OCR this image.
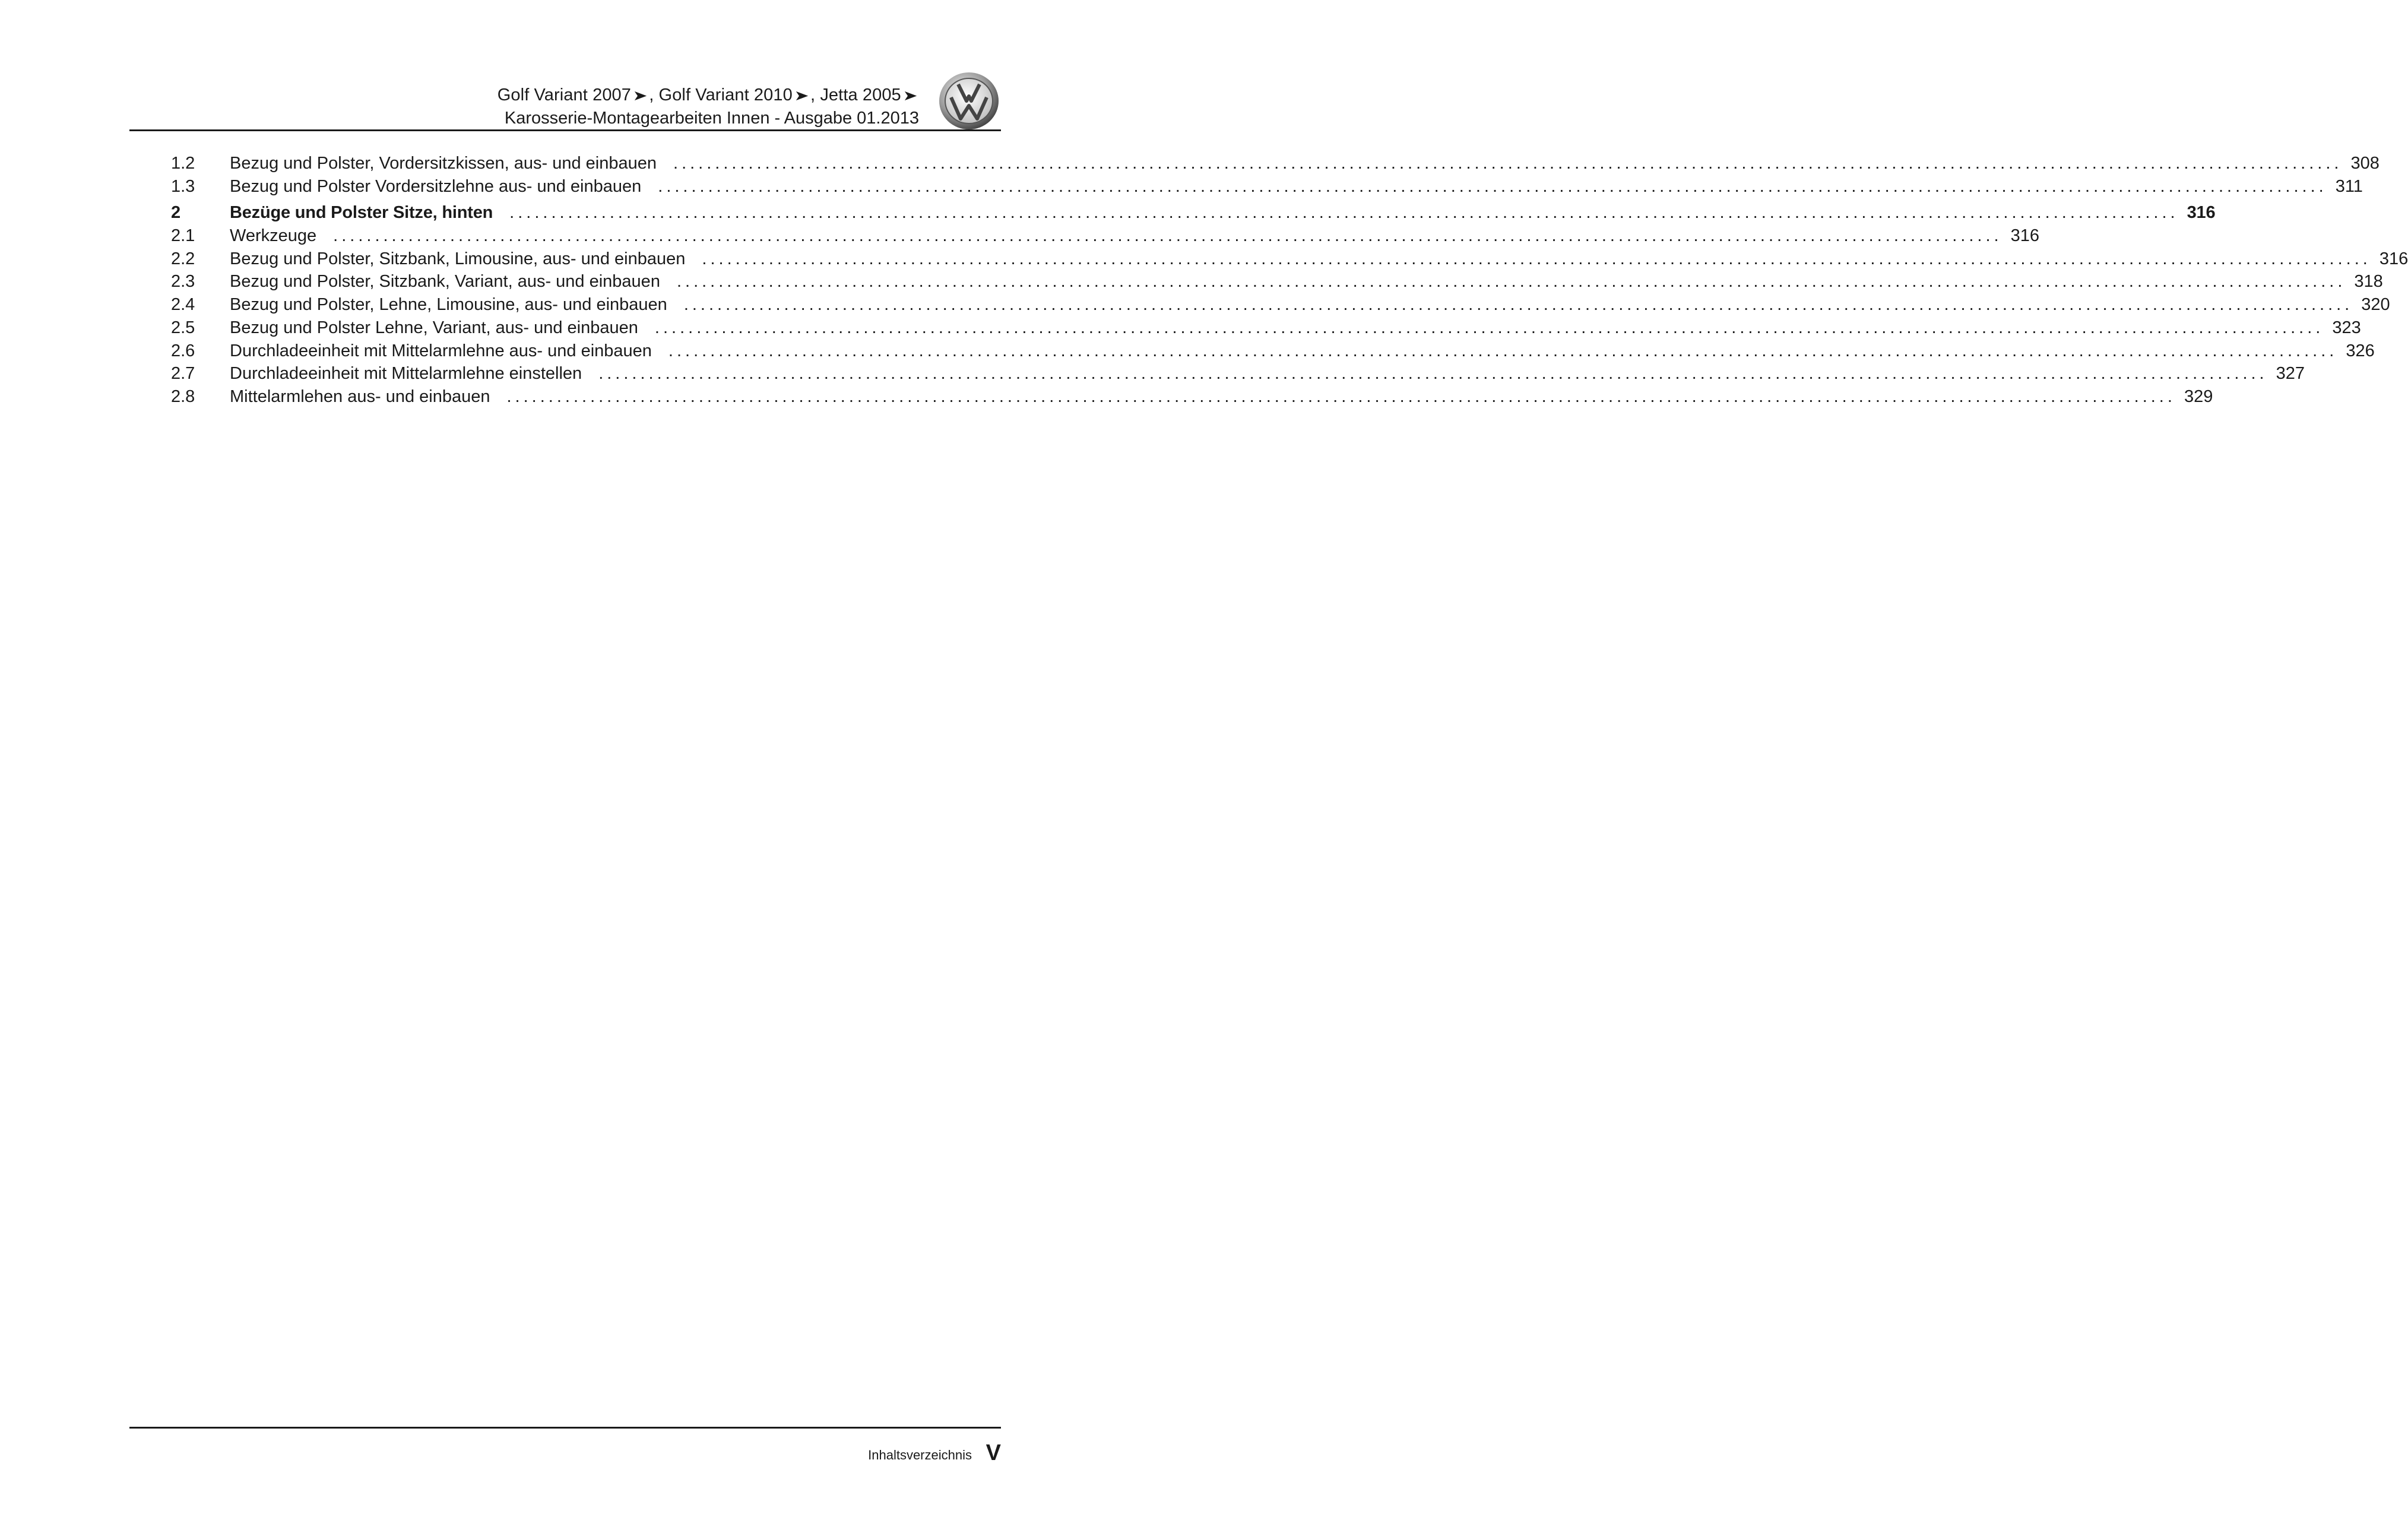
Golf Variant 2007 ➤, Golf Variant 2010 ➤, Jetta 2005 ➤
Karosserie-Montagearbeiten Innen - Ausgabe 01.2013
1.2	Bezug und Polster, Vordersitzkissen, aus- und einbauen ........................................................................................................................................................................................................ 308
1.3	Bezug und Polster Vordersitzlehne aus- und einbauen ........................................................................................................................................................................................................ 311
2	Bezüge und Polster Sitze, hinten ........................................................................................................................................................................................................ 316
2.1	Werkzeuge ........................................................................................................................................................................................................ 316
2.2	Bezug und Polster, Sitzbank, Limousine, aus- und einbauen ........................................................................................................................................................................................................ 316
2.3	Bezug und Polster, Sitzbank, Variant, aus- und einbauen ........................................................................................................................................................................................................ 318
2.4	Bezug und Polster, Lehne, Limousine, aus- und einbauen ........................................................................................................................................................................................................ 320
2.5	Bezug und Polster Lehne, Variant, aus- und einbauen ........................................................................................................................................................................................................ 323
2.6	Durchladeeinheit mit Mittelarmlehne aus- und einbauen ........................................................................................................................................................................................................ 326
2.7	Durchladeeinheit mit Mittelarmlehne einstellen ........................................................................................................................................................................................................ 327
2.8	Mittelarmlehen aus- und einbauen ........................................................................................................................................................................................................ 329
Inhaltsverzeichnis V
